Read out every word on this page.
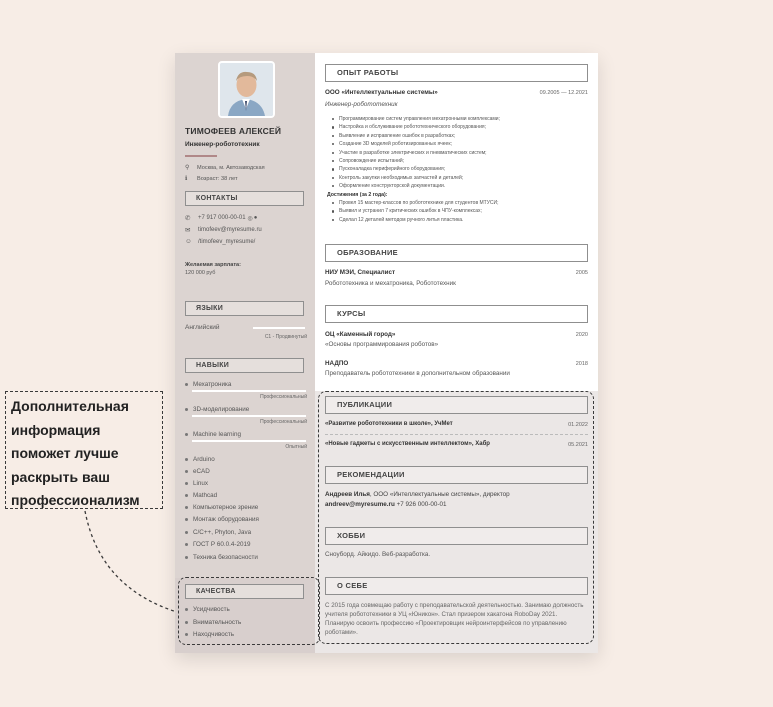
Дополнительная
информация
поможет лучше
раскрыть ваш
профессионализм
ТИМОФЕЕВ АЛЕКСЕЙ
Инженер-робототехник
⚲	Москва, м. Автозаводская
ℹ	Возраст: 38 лет
КОНТАКТЫ
✆	+7 917 000-00-01 ◎ ●
✉	timofeev@myresume.ru
☺	/timofeev_myresume/
Желаемая зарплата:
120 000 руб
ЯЗЫКИ
Английский
C1 - Продвинутый
НАВЫКИ
Мехатроника
Профессиональный
3D-моделирование
Профессиональный
Machine learning
Опытный
Arduino
eCAD
Linux
Mathcad
Компьютерное зрение
Монтаж оборудования
C/C++, Phyton, Java
ГОСТ Р 60.0.4-2019
Техника безопасности
КАЧЕСТВА
Усидчивость
Внимательность
Находчивость
ОПЫТ РАБОТЫ
ООО «Интеллектуальные системы»	09.2005 — 12.2021
Инженер-робототехник
Программирование систем управления мехатронными комплексами;
Настройка и обслуживание робототехнического оборудования;
Выявление и исправление ошибок в разработках;
Создание 3D моделей роботизированных ячеек;
Участие в разработке электрических и пневматических систем;
Сопровождение испытаний;
Пусконаладка периферийного оборудования;
Контроль закупки необходимых запчастей и деталей;
Оформление конструкторской документации.
Достижения (за 2 года):
Провел 15 мастер-классов по робототехнике для студентов МТУСИ;
Выявил и устранил 7 критических ошибок в ЧПУ-комплексах;
Сделал 12 деталей методом ручного литья пластика.
ОБРАЗОВАНИЕ
НИУ МЭИ, Специалист	2005
Робототехника и мехатроника, Робототехник
КУРСЫ
ОЦ «Каменный город»	2020
«Основы программирования роботов»
НАДПО	2018
Преподаватель робототехники в дополнительном образовании
ПУБЛИКАЦИИ
«Развитие робототехники в школе», УчМет	01.2022
«Новые гаджеты с искусственным интеллектом», Хабр	05.2021
РЕКОМЕНДАЦИИ
Андреев Илья, ООО «Интеллектуальные системы», директор
andreev@myresume.ru +7 926 000-00-01
ХОББИ
Сноуборд. Айкидо. Веб-разработка.
О СЕБЕ
С 2015 года совмещаю работу с преподавательской деятельностью. Занимаю должность учителя робототехники в УЦ «Юникон». Стал призером хакатона RoboDay 2021. Планирую освоить профессию «Проектировщик нейроинтерфейсов по управлению роботами».
